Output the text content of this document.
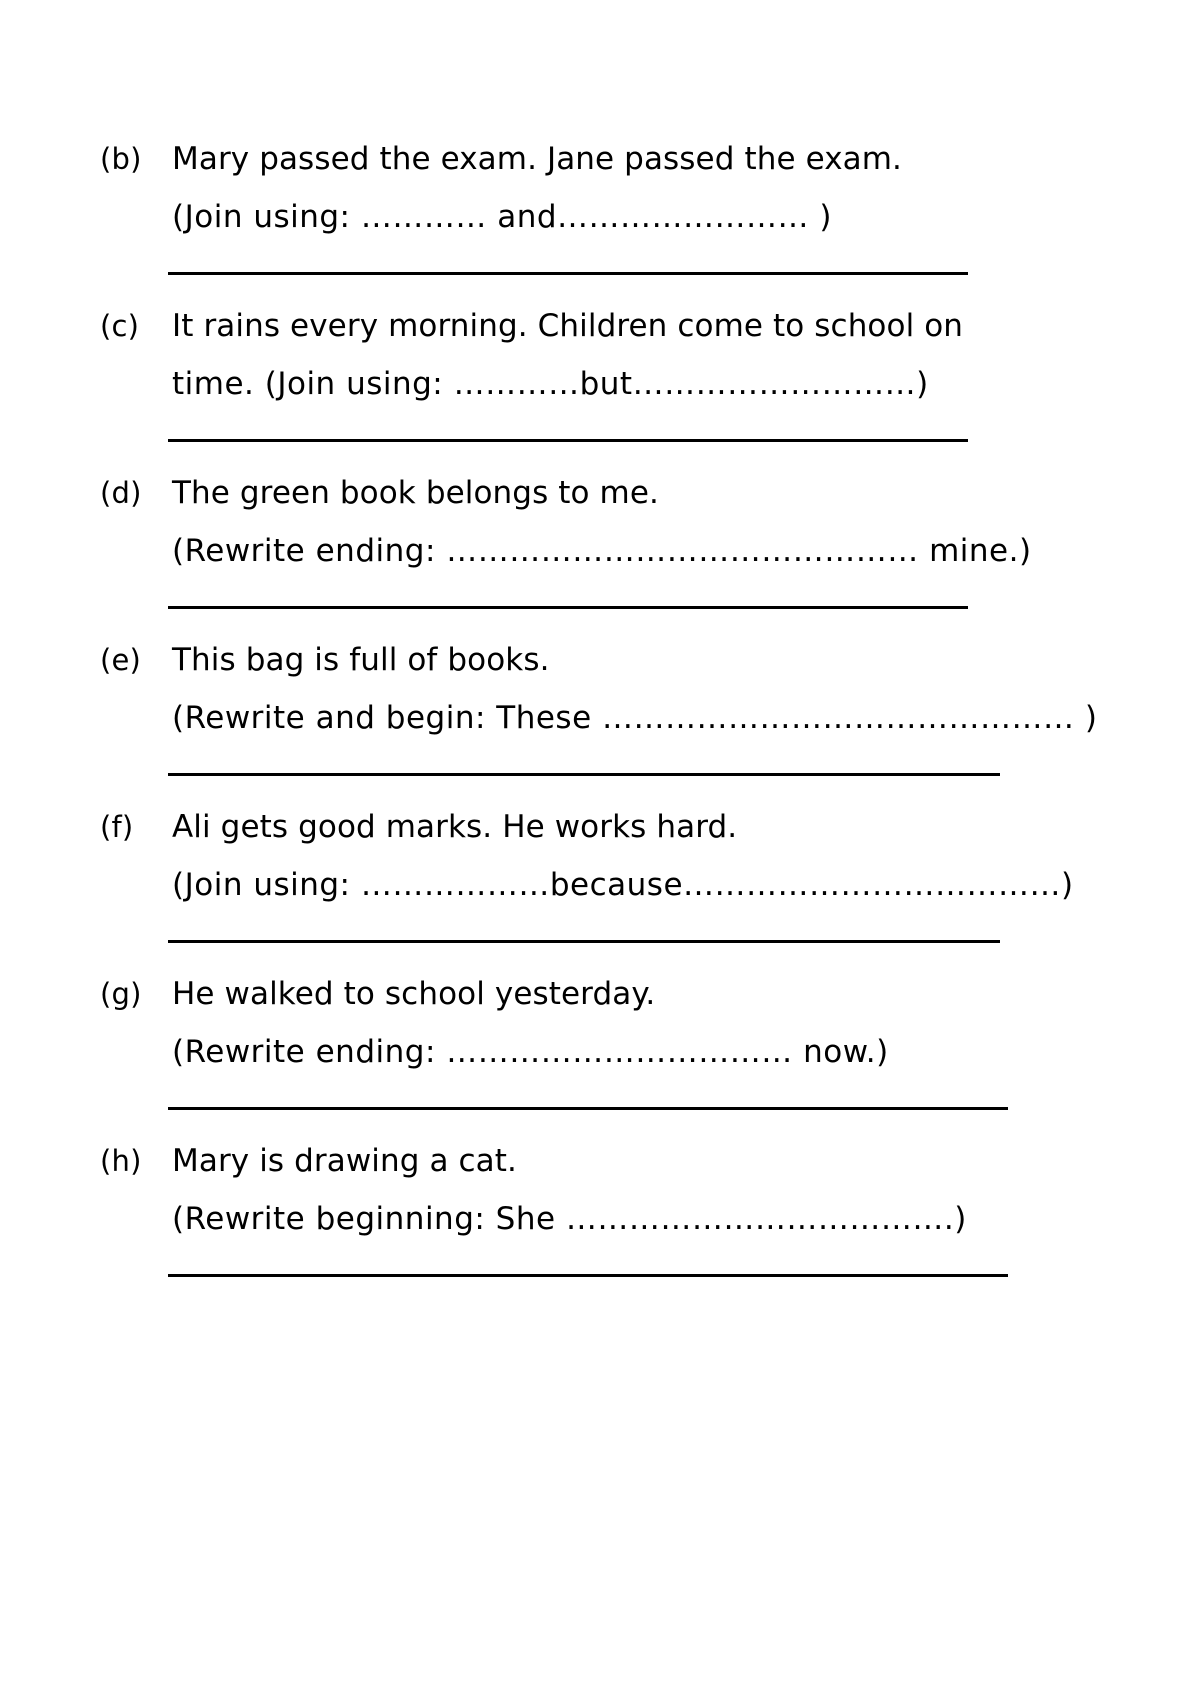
(b) Mary passed the exam. Jane passed the exam.
(Join using: ………… and…………………… )
(c)	It rains every morning. Children come to school on
time. (Join using: …………but………………………)
(d) The green book belongs to me.
(Rewrite ending: ……………………………………… mine.)
(e) This bag is full of books.
(Rewrite and begin: These ……………………………………… )
(f)	Ali gets good marks. He works hard.
(Join using: ………………because………………………………)
(g) He walked to school yesterday.
(Rewrite ending: …………………………… now.)
(h) Mary is drawing a cat.
(Rewrite beginning: She ……………………………….)
